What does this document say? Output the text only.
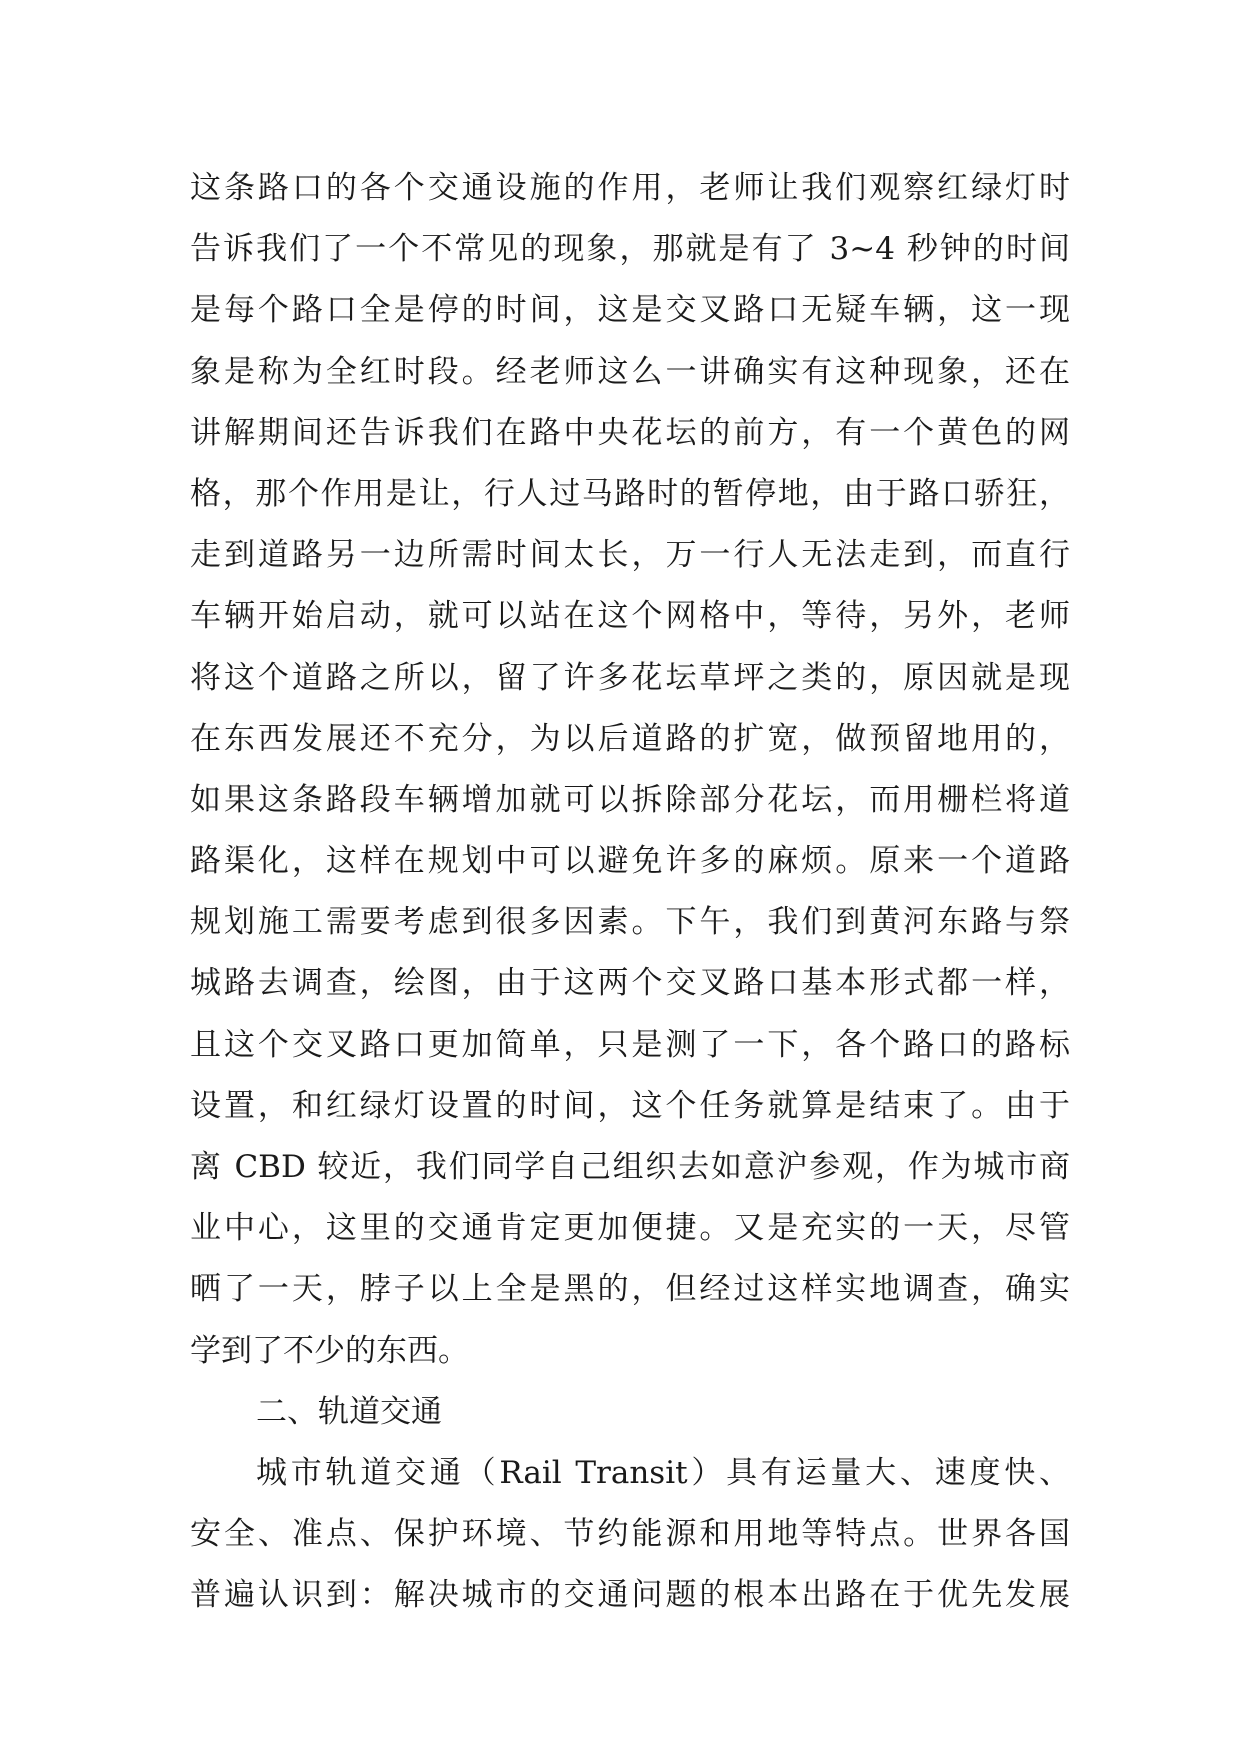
这条路口的各个交通设施的作用，老师让我们观察红绿灯时
告诉我们了一个不常见的现象，那就是有了 3~4 秒钟的时间
是每个路口全是停的时间，这是交叉路口无疑车辆，这一现
象是称为全红时段。经老师这么一讲确实有这种现象，还在
讲解期间还告诉我们在路中央花坛的前方，有一个黄色的网
格，那个作用是让，行人过马路时的暂停地，由于路口骄狂，
走到道路另一边所需时间太长，万一行人无法走到，而直行
车辆开始启动，就可以站在这个网格中，等待，另外，老师
将这个道路之所以，留了许多花坛草坪之类的，原因就是现
在东西发展还不充分，为以后道路的扩宽，做预留地用的，
如果这条路段车辆增加就可以拆除部分花坛，而用栅栏将道
路渠化，这样在规划中可以避免许多的麻烦。原来一个道路
规划施工需要考虑到很多因素。下午，我们到黄河东路与祭
城路去调查，绘图，由于这两个交叉路口基本形式都一样，
且这个交叉路口更加简单，只是测了一下，各个路口的路标
设置，和红绿灯设置的时间，这个任务就算是结束了。由于
离 CBD 较近，我们同学自己组织去如意沪参观，作为城市商
业中心，这里的交通肯定更加便捷。又是充实的一天，尽管
晒了一天，脖子以上全是黑的，但经过这样实地调查，确实
学到了不少的东西。
二、轨道交通
城市轨道交通（Rail Transit）具有运量大、速度快、
安全、准点、保护环境、节约能源和用地等特点。世界各国
普遍认识到：解决城市的交通问题的根本出路在于优先发展
